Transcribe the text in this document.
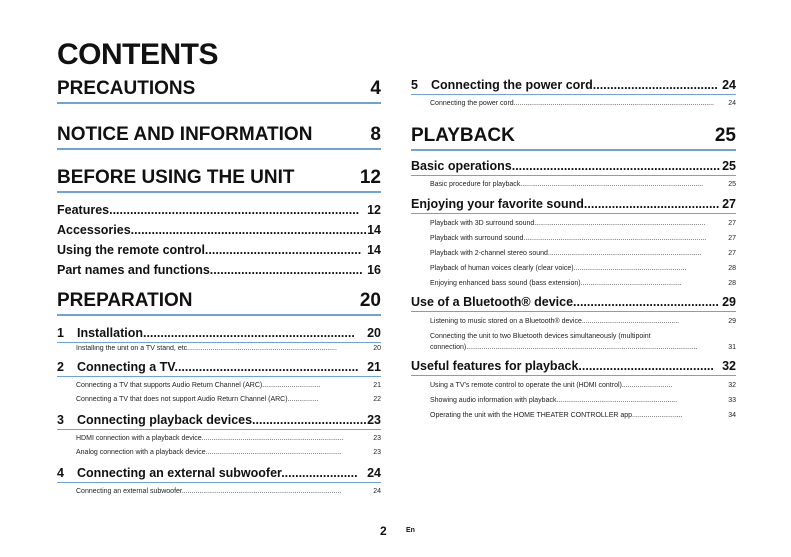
CONTENTS
PRECAUTIONS	4
NOTICE AND INFORMATION	8
BEFORE USING THE UNIT	12
Features........................................................................ 12
Accessories.................................................................... 14
Using the remote control............................................. 14
Part names and functions............................................ 16
PREPARATION	20
1	Installation............................................................. 20
Installing the unit on a TV stand, etc.............................................................................	20
2	Connecting a TV..................................................... 21
Connecting a TV that supports Audio Return Channel (ARC)..............................	21
Connecting a TV that does not support Audio Return Channel (ARC)................	22
3	Connecting playback devices................................. 23
HDMI connection with a playback device.........................................................................	23
Analog connection with a playback device......................................................................	23
4	Connecting an external subwoofer...................... 24
Connecting an external subwoofer..................................................................................	24
5	Connecting the power cord.................................... 24
Connecting the power cord.......................................................................................................	24
PLAYBACK	25
Basic operations............................................................ 25
Basic procedure for playback..............................................................................................	25
Enjoying your favorite sound....................................... 27
Playback with 3D surround sound........................................................................................	27
Playback with surround sound..............................................................................................	27
Playback with 2-channel stereo sound...............................................................................	27
Playback of human voices clearly (clear voice)..........................................................	28
Enjoying enhanced bass sound (bass extension)....................................................	28
Use of a Bluetooth® device.......................................... 29
Listening to music stored on a Bluetooth® device..................................................	29
Connecting the unit to two Bluetooth devices simultaneously (multipoint
connection).......................................................................................................................	31
Useful features for playback....................................... 32
Using a TV's remote control to operate the unit (HDMI control)..........................	32
Showing audio information with playback..............................................................	33
Operating the unit with the HOME THEATER CONTROLLER app..........................	34
2	En
